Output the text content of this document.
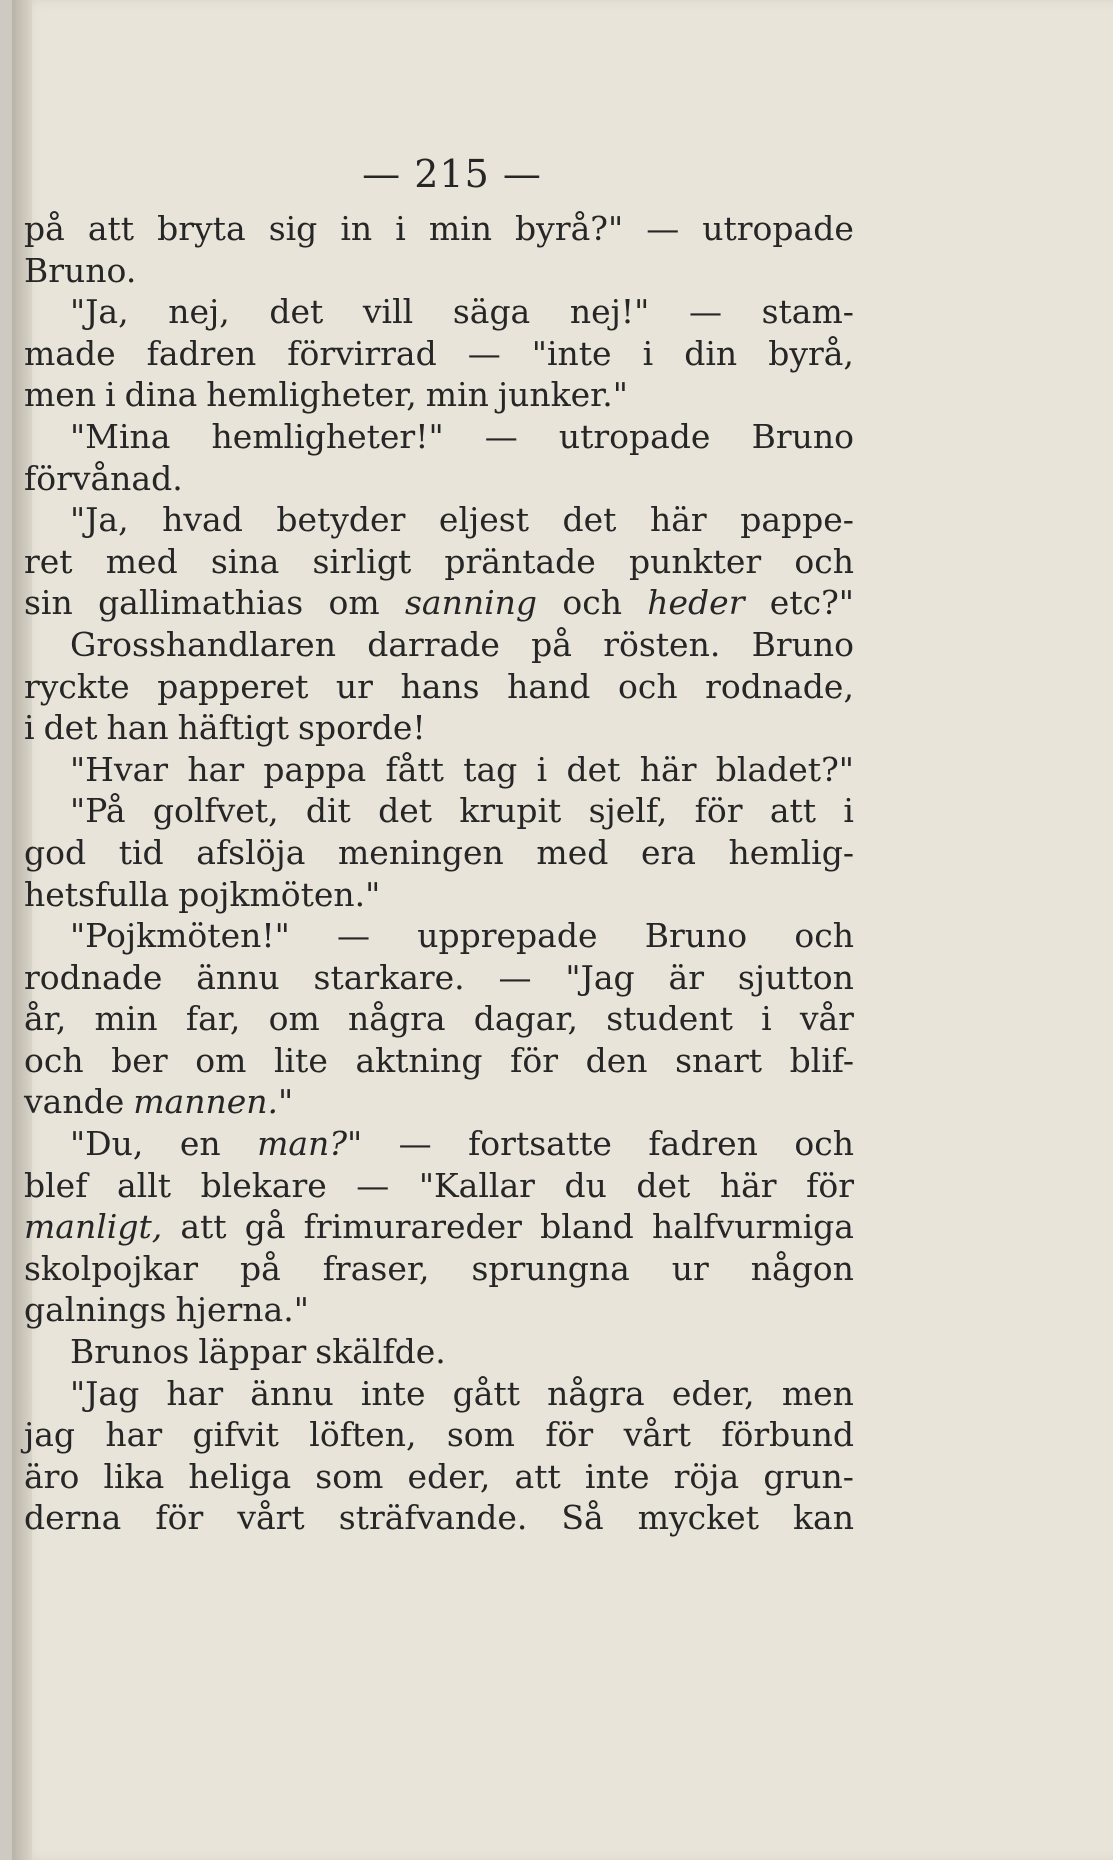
— 215 —
på att bryta sig in i min byrå?" — utropade
Bruno.
"Ja, nej, det vill säga nej!" — stam-
made fadren förvirrad — "inte i din byrå,
men i dina hemligheter, min junker."
"Mina hemligheter!" — utropade Bruno
förvånad.
"Ja, hvad betyder eljest det här pappe-
ret med sina sirligt präntade punkter och
sin gallimathias om sanning och heder etc?"
Grosshandlaren darrade på rösten. Bruno
ryckte papperet ur hans hand och rodnade,
i det han häftigt sporde!
"Hvar har pappa fått tag i det här bladet?"
"På golfvet, dit det krupit sjelf, för att i
god tid afslöja meningen med era hemlig-
hetsfulla pojkmöten."
"Pojkmöten!" — upprepade Bruno och
rodnade ännu starkare. — "Jag är sjutton
år, min far, om några dagar, student i vår
och ber om lite aktning för den snart blif-
vande mannen."
"Du, en man?" — fortsatte fadren och
blef allt blekare — "Kallar du det här för
manligt, att gå frimurareder bland halfvurmiga
skolpojkar på fraser, sprungna ur någon
galnings hjerna."
Brunos läppar skälfde.
"Jag har ännu inte gått några eder, men
jag har gifvit löften, som för vårt förbund
äro lika heliga som eder, att inte röja grun-
derna för vårt sträfvande. Så mycket kan
